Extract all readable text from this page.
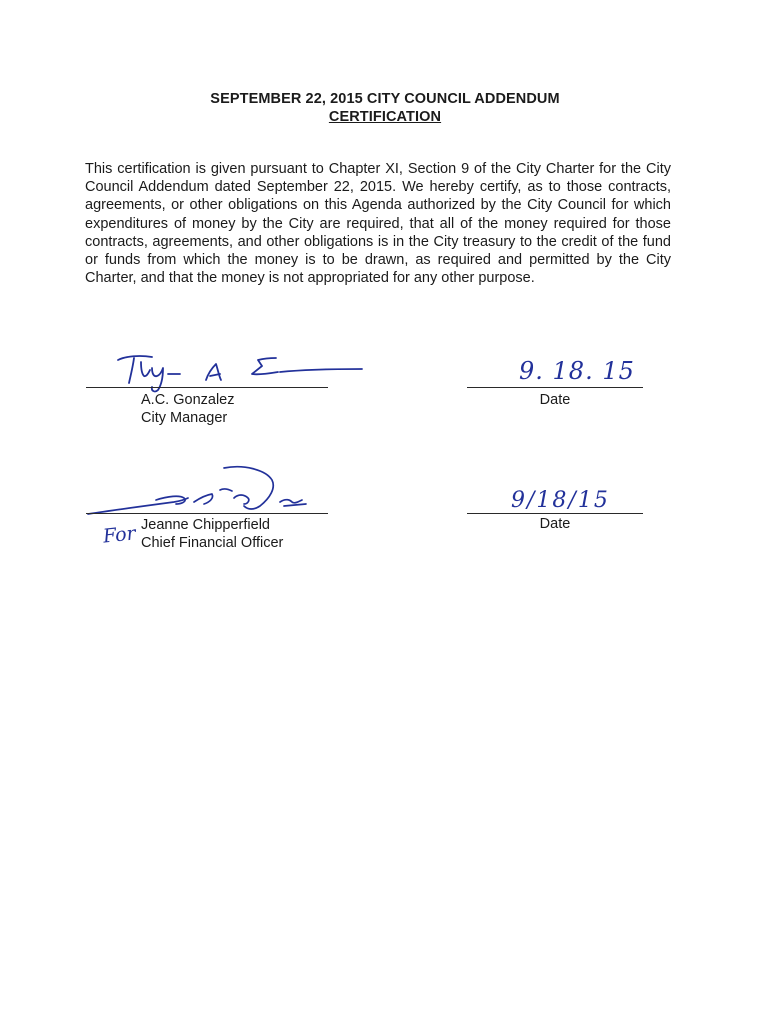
SEPTEMBER 22, 2015 CITY COUNCIL ADDENDUM
CERTIFICATION
This certification is given pursuant to Chapter XI, Section 9 of the City Charter for the City Council Addendum dated September 22, 2015. We hereby certify, as to those contracts, agreements, or other obligations on this Agenda authorized by the City Council for which expenditures of money by the City are required, that all of the money required for those contracts, agreements, and other obligations is in the City treasury to the credit of the fund or funds from which the money is to be drawn, as required and permitted by the City Charter, and that the money is not appropriated for any other purpose.
A.C. Gonzalez
City Manager
9. 18. 15
Date
For Jeanne Chipperfield
Chief Financial Officer
9/18/15
Date
